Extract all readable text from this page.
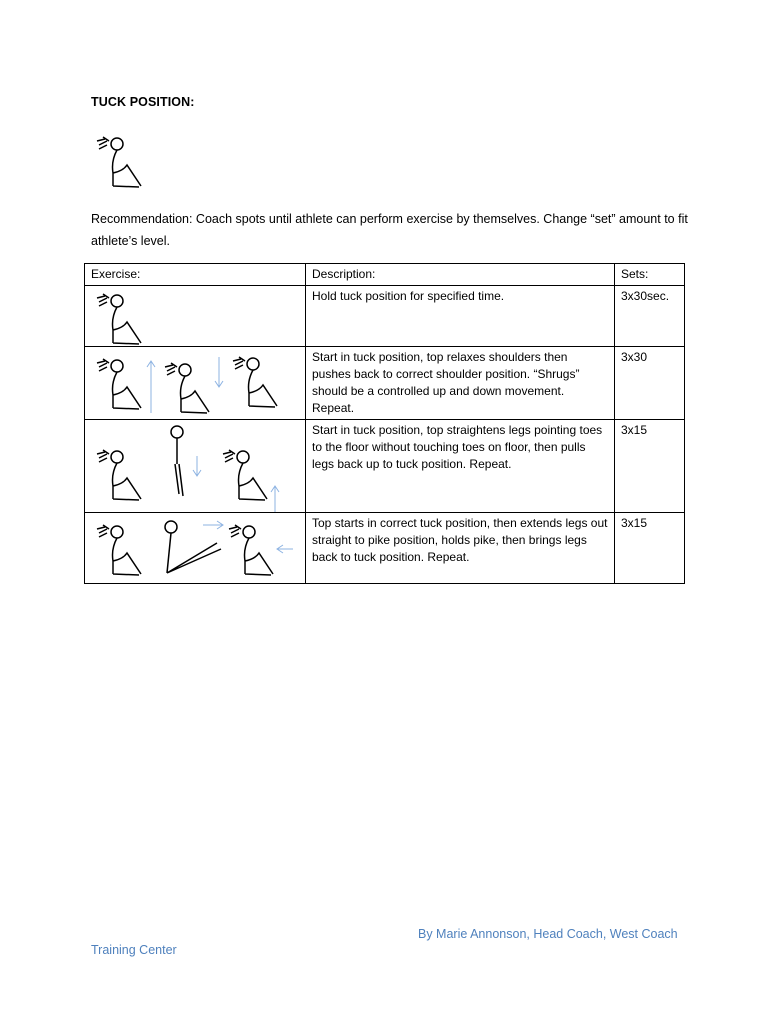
TUCK POSITION:
Recommendation: Coach spots until athlete can perform exercise by themselves. Change “set” amount to fit athlete’s level.
Exercise:	Description:	Sets:

	Hold tuck position for specified time.	3x30sec.

	Start in tuck position, top relaxes shoulders then pushes back to correct shoulder position. “Shrugs” should be a controlled up and down movement. Repeat.	3x30

	Start in tuck position, top straightens legs pointing toes to the floor without touching toes on floor, then pulls legs back up to tuck position. Repeat.	3x15

	Top starts in correct tuck position, then extends legs out straight to pike position, holds pike, then brings legs back to tuck position. Repeat.	3x15
By Marie Annonson, Head Coach, West Coach
Training Center
